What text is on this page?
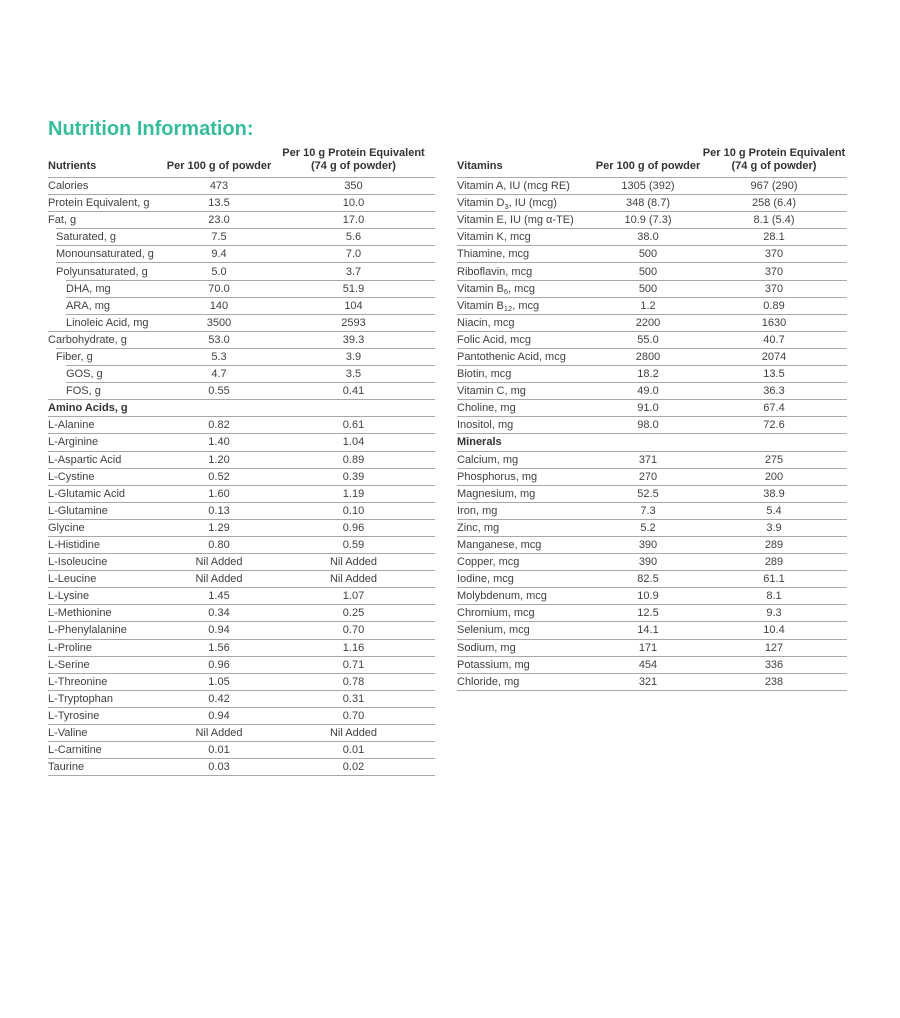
Nutrition Information:
Nutrients	Per 100 g of powder
Per 10 g Protein Equivalent
(74 g of powder)
Calories	473	350
Protein Equivalent, g	13.5	10.0
Fat, g	23.0	17.0
Saturated, g	7.5	5.6
Monounsaturated, g	9.4	7.0
Polyunsaturated, g	5.0	3.7
DHA, mg	70.0	51.9
ARA, mg	140	104
Linoleic Acid, mg	3500	2593
Carbohydrate, g	53.0	39.3
Fiber, g	5.3	3.9
GOS, g	4.7	3.5
FOS, g	0.55	0.41
Amino Acids, g
L-Alanine	0.82	0.61
L-Arginine	1.40	1.04
L-Aspartic Acid	1.20	0.89
L-Cystine	0.52	0.39
L-Glutamic Acid	1.60	1.19
L-Glutamine	0.13	0.10
Glycine	1.29	0.96
L-Histidine	0.80	0.59
L-Isoleucine	Nil Added	Nil Added
L-Leucine	Nil Added	Nil Added
L-Lysine	1.45	1.07
L-Methionine	0.34	0.25
L-Phenylalanine	0.94	0.70
L-Proline	1.56	1.16
L-Serine	0.96	0.71
L-Threonine	1.05	0.78
L-Tryptophan	0.42	0.31
L-Tyrosine	0.94	0.70
L-Valine	Nil Added	Nil Added
L-Carnitine	0.01	0.01
Taurine	0.03	0.02
Vitamins	Per 100 g of powder
Per 10 g Protein Equivalent
(74 g of powder)
Vitamin A, IU (mcg RE)	1305 (392)	967 (290)
Vitamin $D_3$, IU (mcg)	348 (8.7)	258 (6.4)
Vitamin E, IU (mg α-TE)	10.9 (7.3)	8.1 (5.4)
Vitamin K, mcg	38.0	28.1
Thiamine, mcg	500	370
Riboflavin, mcg	500	370
Vitamin $B_6$, mcg	500	370
Vitamin $B_{12}$, mcg	1.2	0.89
Niacin, mcg	2200	1630
Folic Acid, mcg	55.0	40.7
Pantothenic Acid, mcg	2800	2074
Biotin, mcg	18.2	13.5
Vitamin C, mg	49.0	36.3
Choline, mg	91.0	67.4
Inositol, mg	98.0	72.6
Minerals
Calcium, mg	371	275
Phosphorus, mg	270	200
Magnesium, mg	52.5	38.9
Iron, mg	7.3	5.4
Zinc, mg	5.2	3.9
Manganese, mcg	390	289
Copper, mcg	390	289
Iodine, mcg	82.5	61.1
Molybdenum, mcg	10.9	8.1
Chromium, mcg	12.5	9.3
Selenium, mcg	14.1	10.4
Sodium, mg	171	127
Potassium, mg	454	336
Chloride, mg	321	238
